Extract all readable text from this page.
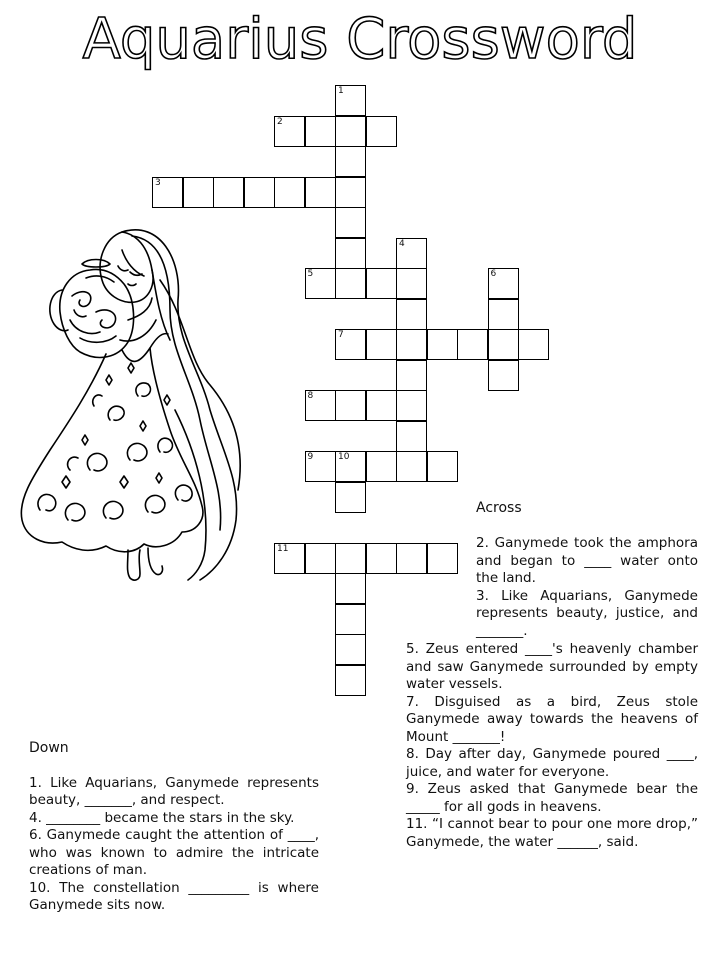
Aquarius Crossword
1
2
3
4
5	6
7
8
9	10
11
Across

2. Ganymede took the amphora and began to ____ water onto the land.

3. Like Aquarians, Ganymede represents beauty, justice, and _______.

5. Zeus entered ____'s heavenly chamber and saw Ganymede surrounded by empty water vessels.

7. Disguised as a bird, Zeus stole Ganymede away towards the heavens of Mount _______!

8. Day after day, Ganymede poured ____, juice, and water for everyone.

9. Zeus asked that Ganymede bear the _____ for all gods in heavens.

11. “I cannot bear to pour one more drop,” Ganymede, the water ______, said.

Down

1. Like Aquarians, Ganymede represents beauty, _______, and respect.

4. ________ became the stars in the sky.

6. Ganymede caught the attention of ____, who was known to admire the intricate creations of man.

10. The constellation _________ is where Ganymede sits now.
